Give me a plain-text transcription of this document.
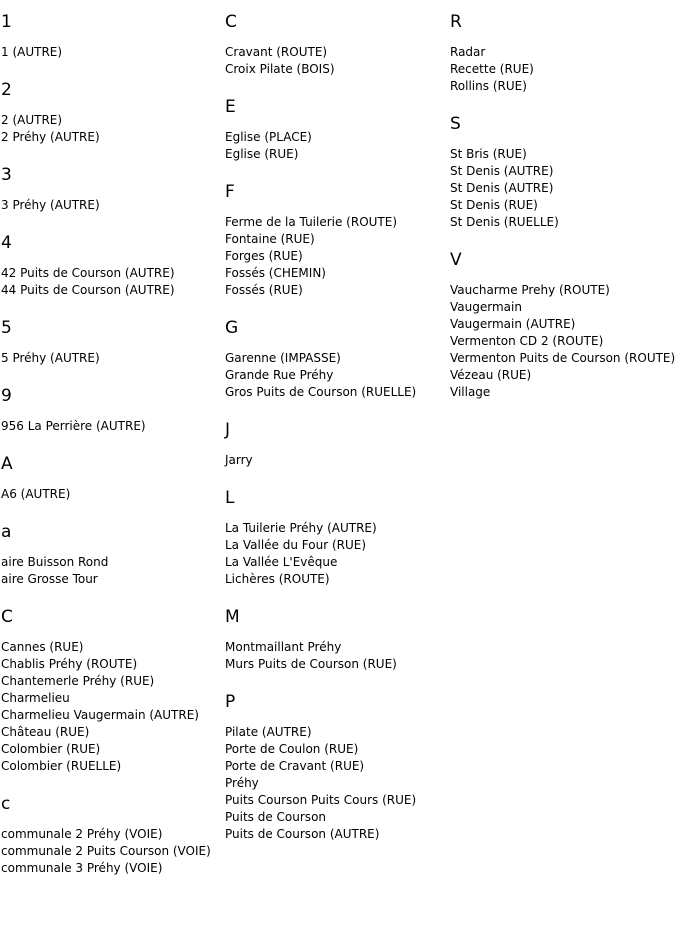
1
1 (AUTRE)
2
2 (AUTRE)
2 Préhy (AUTRE)
3
3 Préhy (AUTRE)
4
42 Puits de Courson (AUTRE)
44 Puits de Courson (AUTRE)
5
5 Préhy (AUTRE)
9
956 La Perrière (AUTRE)
A
A6 (AUTRE)
a
aire Buisson Rond
aire Grosse Tour
C
Cannes (RUE)
Chablis Préhy (ROUTE)
Chantemerle Préhy (RUE)
Charmelieu
Charmelieu Vaugermain (AUTRE)
Château (RUE)
Colombier (RUE)
Colombier (RUELLE)
c
communale 2 Préhy (VOIE)
communale 2 Puits Courson (VOIE)
communale 3 Préhy (VOIE)
C
Cravant (ROUTE)
Croix Pilate (BOIS)
E
Eglise (PLACE)
Eglise (RUE)
F
Ferme de la Tuilerie (ROUTE)
Fontaine (RUE)
Forges (RUE)
Fossés (CHEMIN)
Fossés (RUE)
G
Garenne (IMPASSE)
Grande Rue Préhy
Gros Puits de Courson (RUELLE)
J
Jarry
L
La Tuilerie Préhy (AUTRE)
La Vallée du Four (RUE)
La Vallée L'Evêque
Lichères (ROUTE)
M
Montmaillant Préhy
Murs Puits de Courson (RUE)
P
Pilate (AUTRE)
Porte de Coulon (RUE)
Porte de Cravant (RUE)
Préhy
Puits Courson Puits Cours (RUE)
Puits de Courson
Puits de Courson (AUTRE)
R
Radar
Recette (RUE)
Rollins (RUE)
S
St Bris (RUE)
St Denis (AUTRE)
St Denis (AUTRE)
St Denis (RUE)
St Denis (RUELLE)
V
Vaucharme Prehy (ROUTE)
Vaugermain
Vaugermain (AUTRE)
Vermenton CD 2 (ROUTE)
Vermenton Puits de Courson (ROUTE)
Vézeau (RUE)
Village
